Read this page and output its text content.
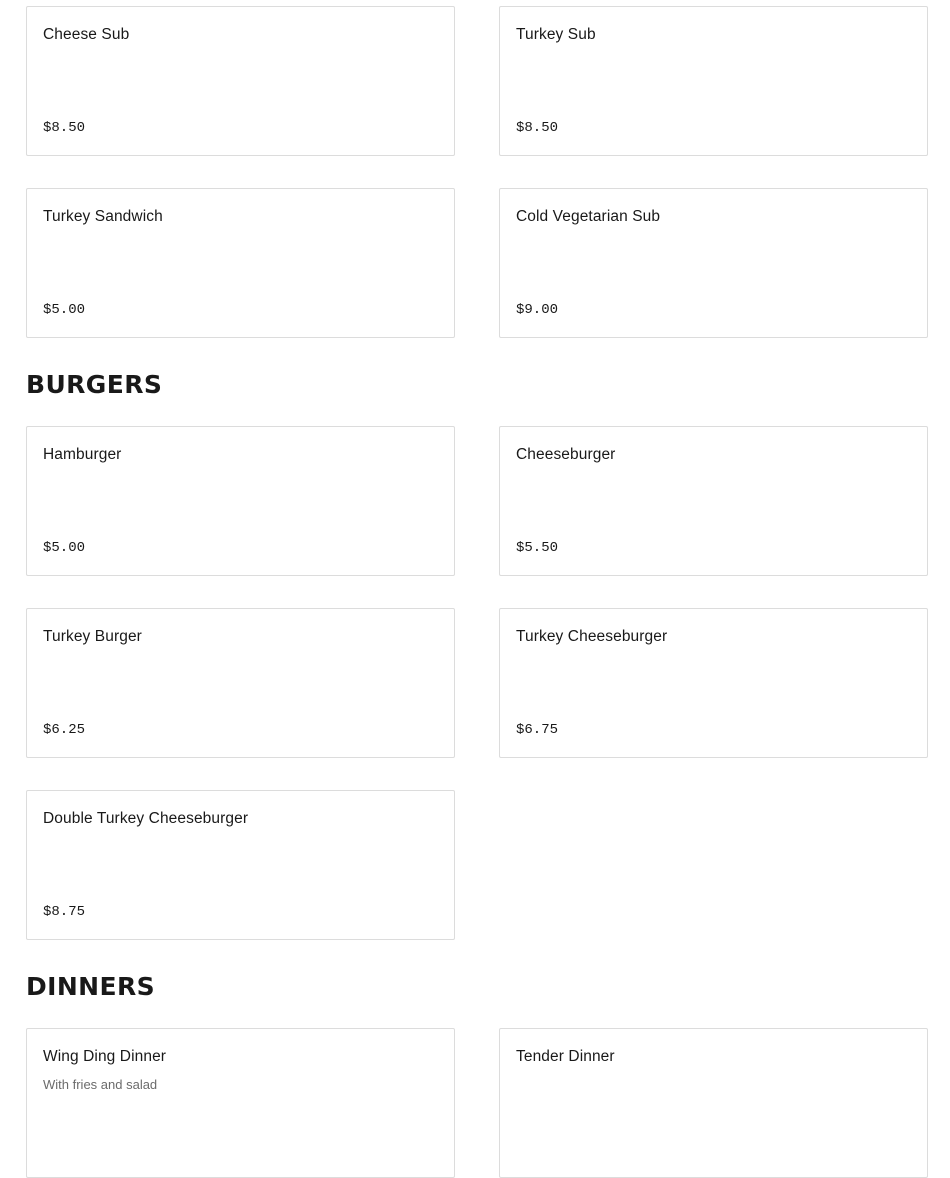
Cheese Sub
$8.50
Turkey Sub
$8.50
Turkey Sandwich
$5.00
Cold Vegetarian Sub
$9.00
BURGERS
Hamburger
$5.00
Cheeseburger
$5.50
Turkey Burger
$6.25
Turkey Cheeseburger
$6.75
Double Turkey Cheeseburger
$8.75
DINNERS
Wing Ding Dinner
With fries and salad
Tender Dinner
